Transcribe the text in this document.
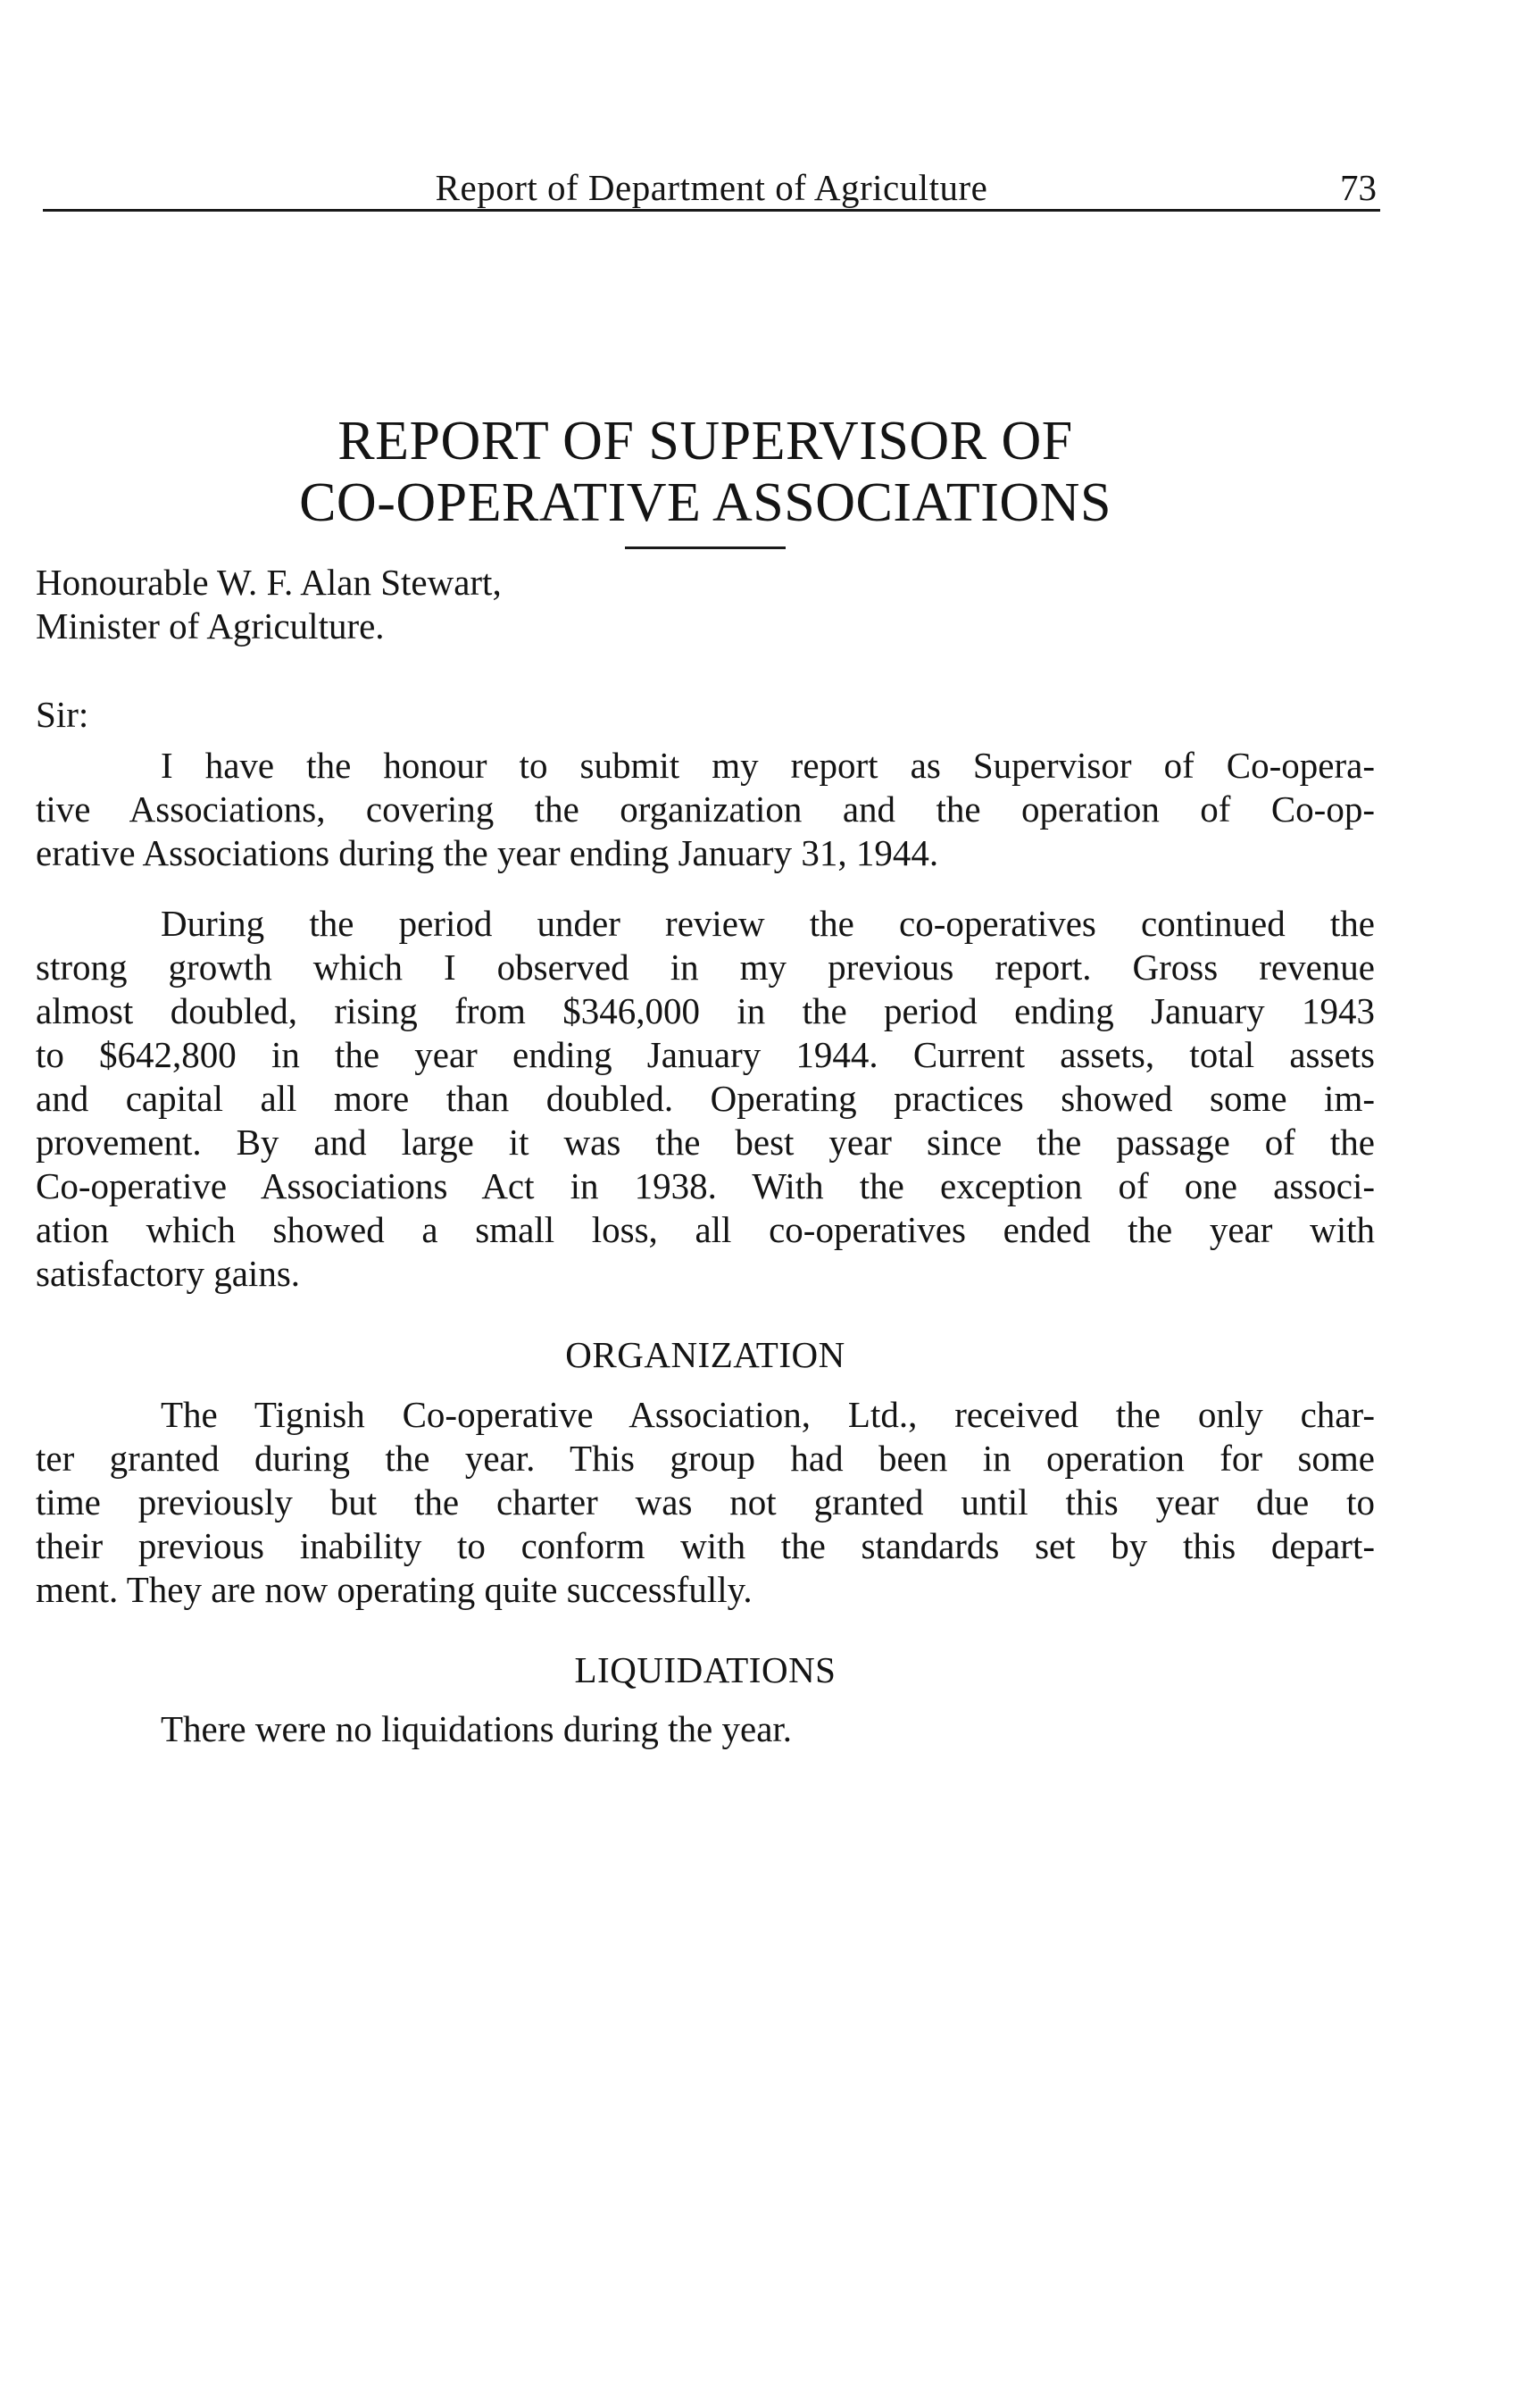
Report of Department of Agriculture	73
REPORT OF SUPERVISOR OF
CO-OPERATIVE ASSOCIATIONS
Honourable W. F. Alan Stewart,
Minister of Agriculture.
Sir:
I have the honour to submit my report as Supervisor of Co-opera-
tive Associations, covering the organization and the operation of Co-op-
erative Associations during the year ending January 31, 1944.
During the period under review the co-operatives continued the
strong growth which I observed in my previous report. Gross revenue
almost doubled, rising from $346,000 in the period ending January 1943
to $642,800 in the year ending January 1944. Current assets, total assets
and capital all more than doubled. Operating practices showed some im-
provement. By and large it was the best year since the passage of the
Co-operative Associations Act in 1938. With the exception of one associ-
ation which showed a small loss, all co-operatives ended the year with
satisfactory gains.
ORGANIZATION
The Tignish Co-operative Association, Ltd., received the only char-
ter granted during the year. This group had been in operation for some
time previously but the charter was not granted until this year due to
their previous inability to conform with the standards set by this depart-
ment. They are now operating quite successfully.
LIQUIDATIONS
There were no liquidations during the year.
